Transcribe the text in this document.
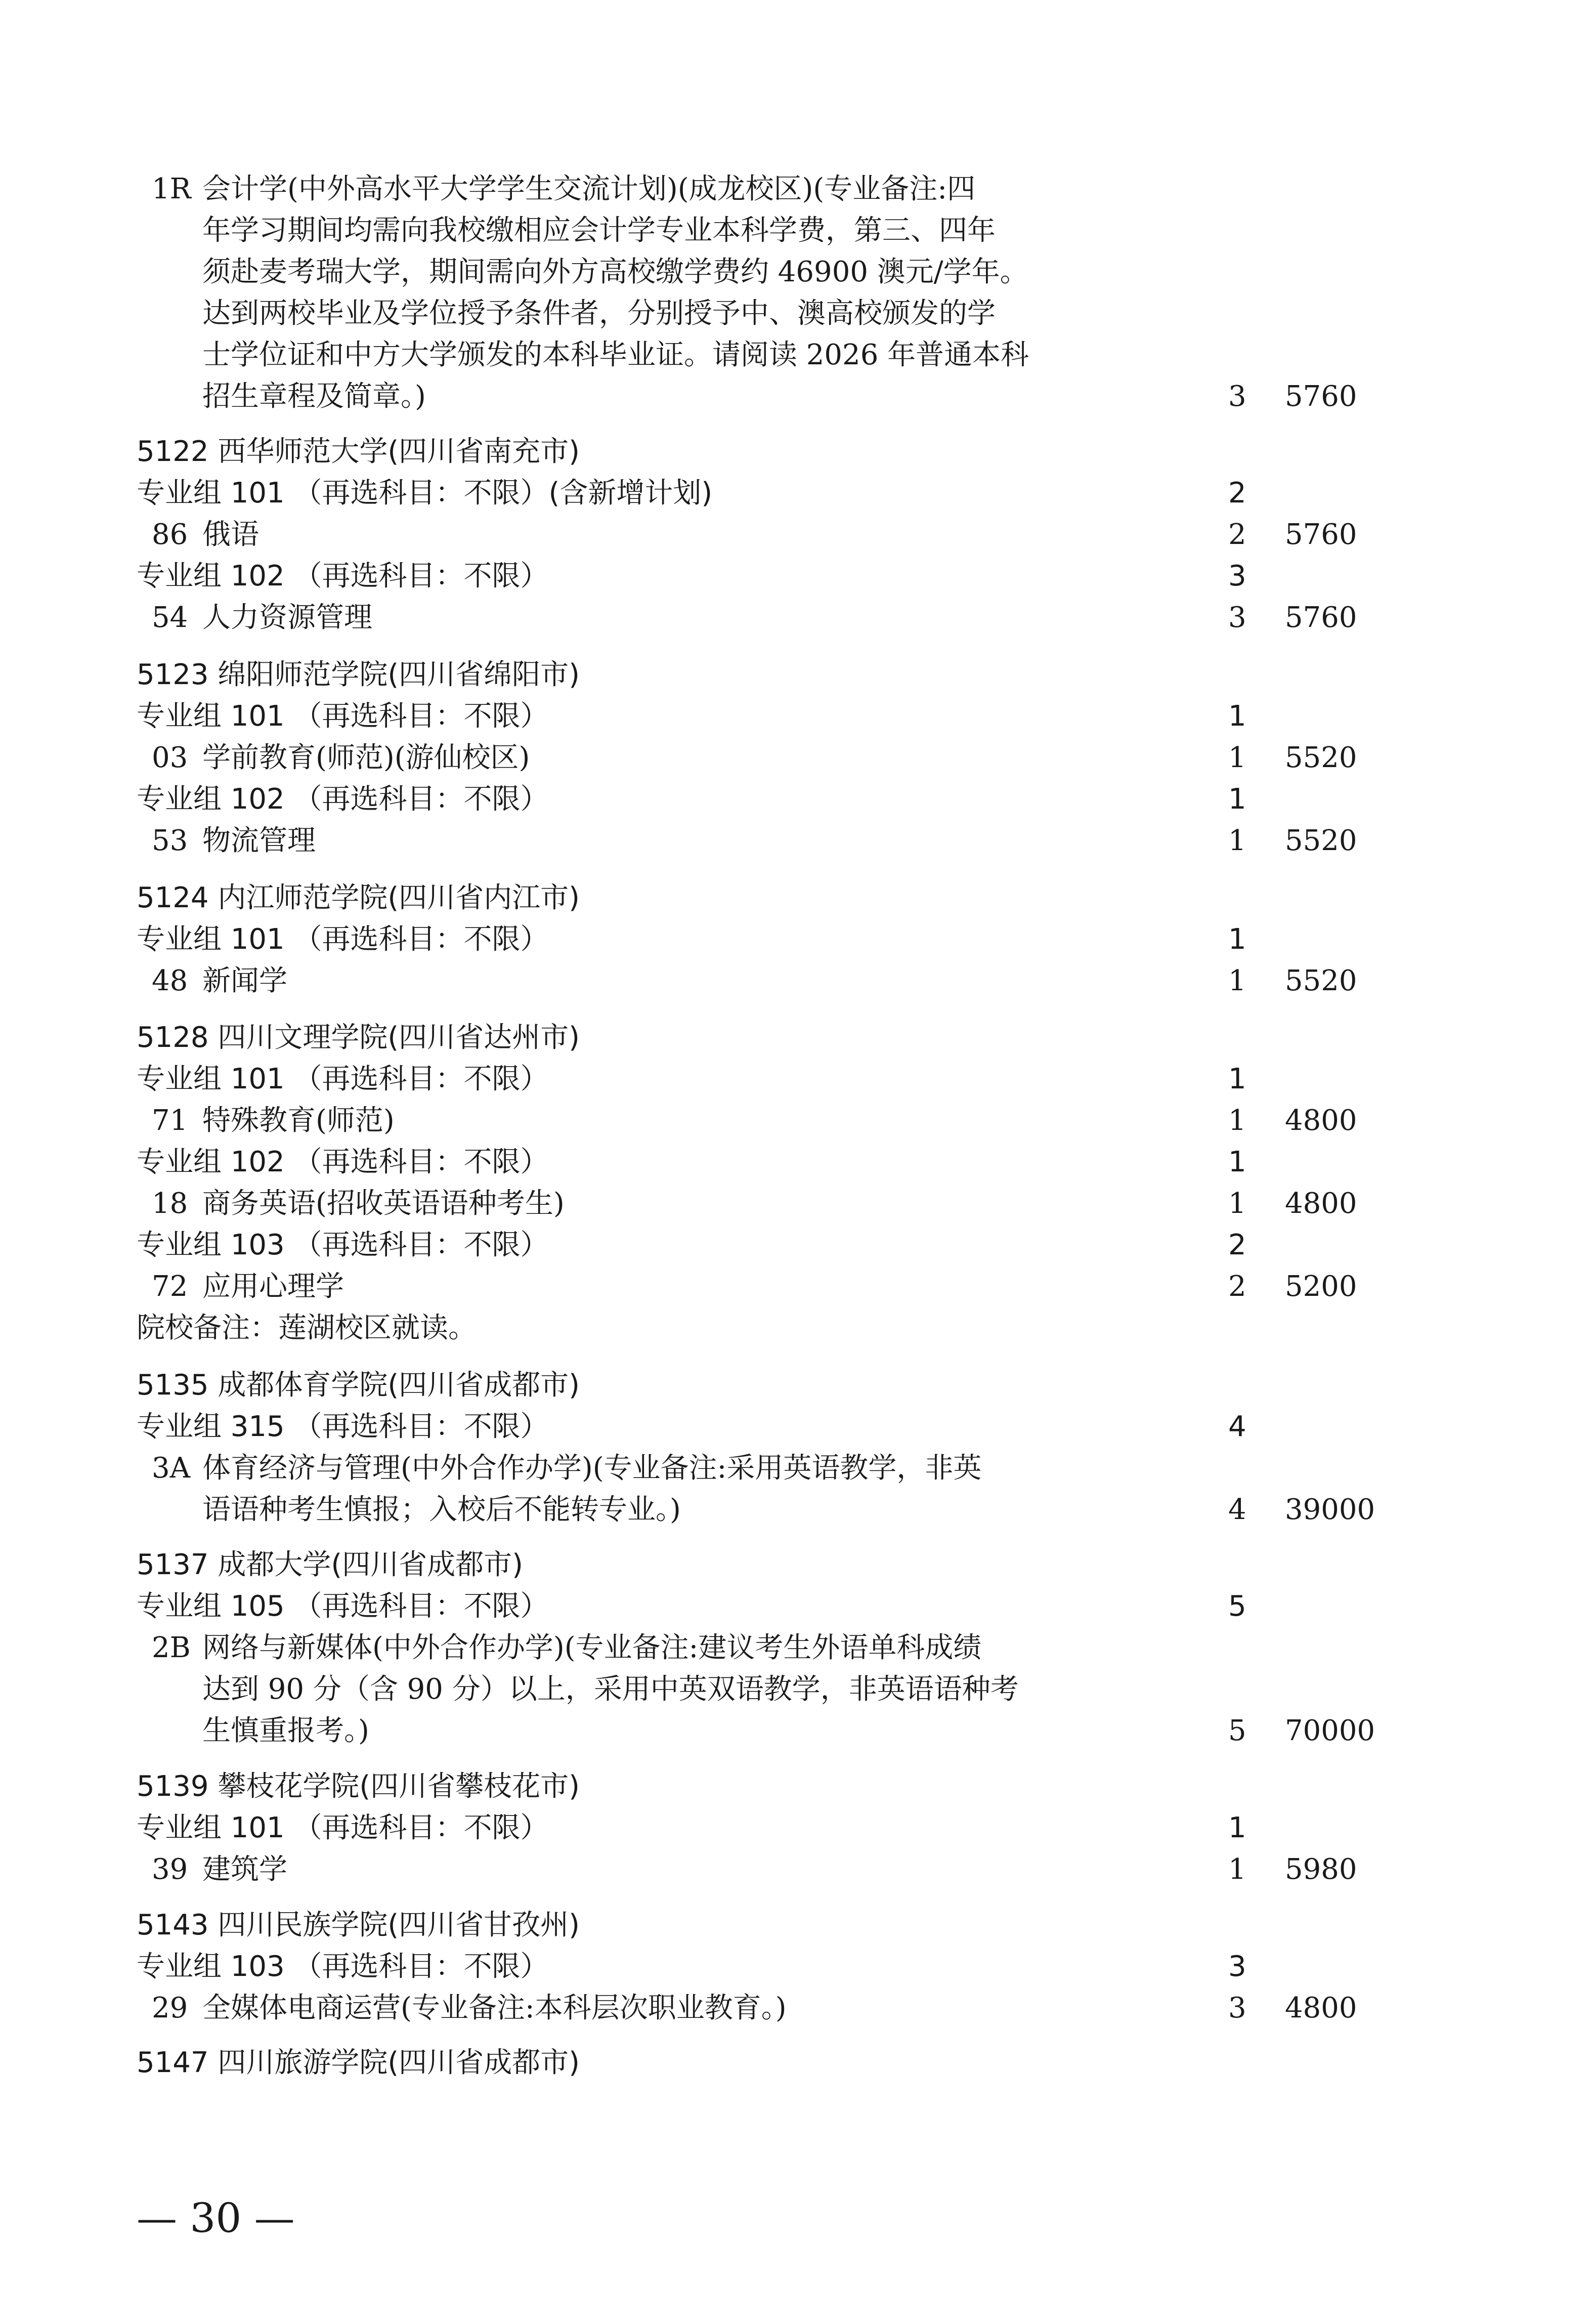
1R 会计学(中外高水平大学学生交流计划)(成龙校区)(专业备注:四
年学习期间均需向我校缴相应会计学专业本科学费，第三、四年
须赴麦考瑞大学，期间需向外方高校缴学费约 46900 澳元/学年。
达到两校毕业及学位授予条件者，分别授予中、澳高校颁发的学
士学位证和中方大学颁发的本科毕业证。请阅读 2026 年普通本科
招生章程及简章。)	3 5760
5122 西华师范大学(四川省南充市)
专业组 101 （再选科目：不限）(含新增计划)	2
86 俄语	2 5760
专业组 102 （再选科目：不限）	3
54 人力资源管理	3 5760
5123 绵阳师范学院(四川省绵阳市)
专业组 101 （再选科目：不限）	1
03 学前教育(师范)(游仙校区)	1 5520
专业组 102 （再选科目：不限）	1
53 物流管理	1 5520
5124 内江师范学院(四川省内江市)
专业组 101 （再选科目：不限）	1
48 新闻学	1 5520
5128 四川文理学院(四川省达州市)
专业组 101 （再选科目：不限）	1
71 特殊教育(师范)	1 4800
专业组 102 （再选科目：不限）	1
18 商务英语(招收英语语种考生)	1 4800
专业组 103 （再选科目：不限）	2
72 应用心理学	2 5200
院校备注：莲湖校区就读。
5135 成都体育学院(四川省成都市)
专业组 315 （再选科目：不限）	4
3A 体育经济与管理(中外合作办学)(专业备注:采用英语教学，非英
语语种考生慎报；入校后不能转专业。)	4 39000
5137 成都大学(四川省成都市)
专业组 105 （再选科目：不限）	5
2B 网络与新媒体(中外合作办学)(专业备注:建议考生外语单科成绩
达到 90 分（含 90 分）以上，采用中英双语教学，非英语语种考
生慎重报考。)	5 70000
5139 攀枝花学院(四川省攀枝花市)
专业组 101 （再选科目：不限）	1
39 建筑学	1 5980
5143 四川民族学院(四川省甘孜州)
专业组 103 （再选科目：不限）	3
29 全媒体电商运营(专业备注:本科层次职业教育。)	3 4800
5147 四川旅游学院(四川省成都市)
— 30 —
